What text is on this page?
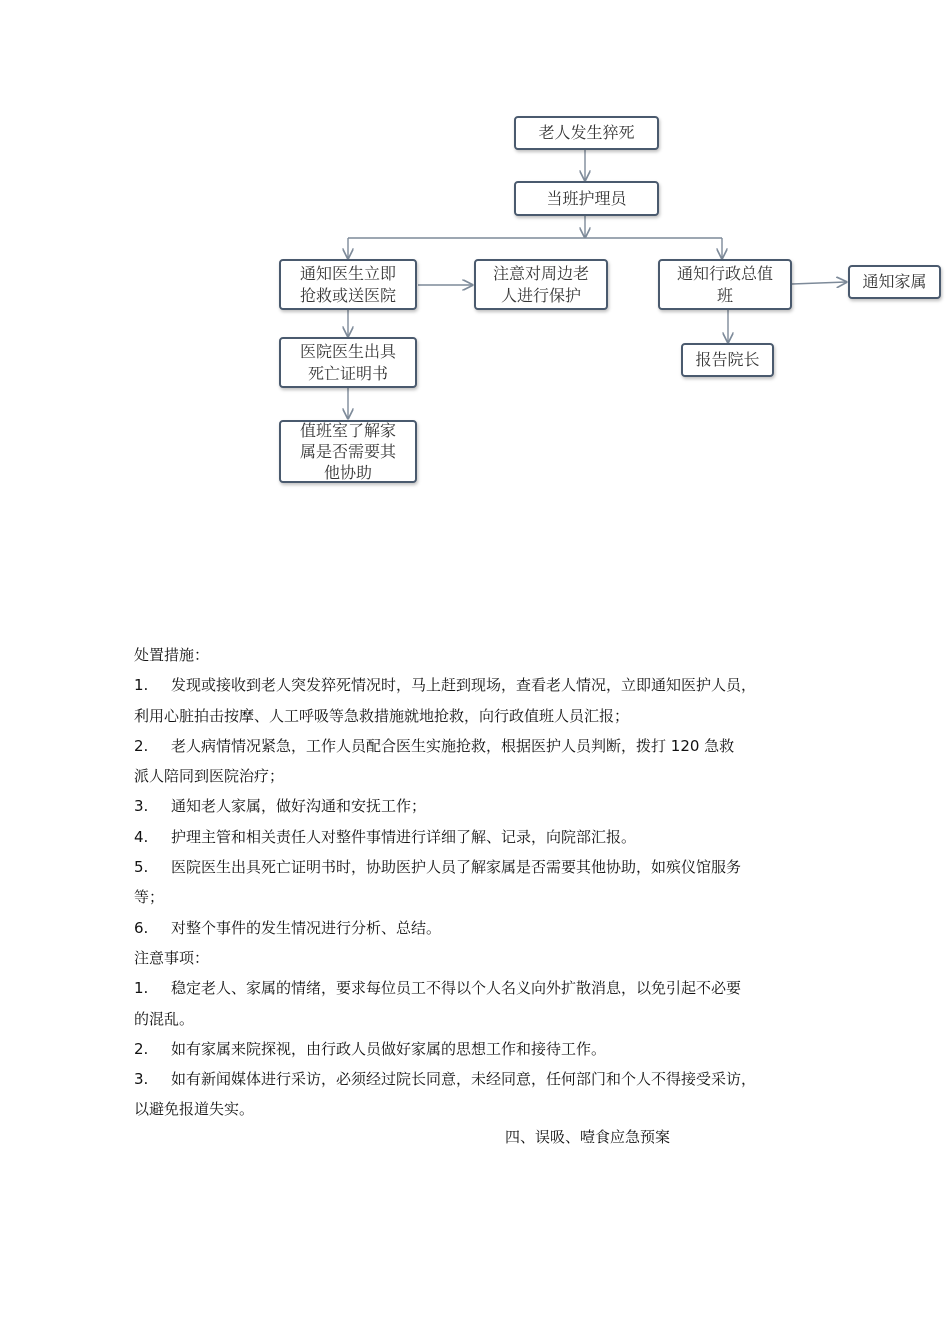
老人发生猝死
当班护理员
通知医生立即
抢救或送医院
注意对周边老
人进行保护
通知行政总值
班
通知家属
医院医生出具
死亡证明书
报告院长
值班室了解家
属是否需要其
他协助
处置措施：
1. 发现或接收到老人突发猝死情况时，马上赶到现场，查看老人情况，立即通知医护人员，
利用心脏拍击按摩、人工呼吸等急救措施就地抢救，向行政值班人员汇报；
2. 老人病情情况紧急，工作人员配合医生实施抢救，根据医护人员判断，拨打 120 急救
派人陪同到医院治疗；
3. 通知老人家属，做好沟通和安抚工作；
4. 护理主管和相关责任人对整件事情进行详细了解、记录，向院部汇报。
5. 医院医生出具死亡证明书时，协助医护人员了解家属是否需要其他协助，如殡仪馆服务
等；
6. 对整个事件的发生情况进行分析、总结。
注意事项：
1. 稳定老人、家属的情绪，要求每位员工不得以个人名义向外扩散消息，以免引起不必要
的混乱。
2. 如有家属来院探视，由行政人员做好家属的思想工作和接待工作。
3. 如有新闻媒体进行采访，必须经过院长同意，未经同意，任何部门和个人不得接受采访，
以避免报道失实。
四、误吸、噎食应急预案
